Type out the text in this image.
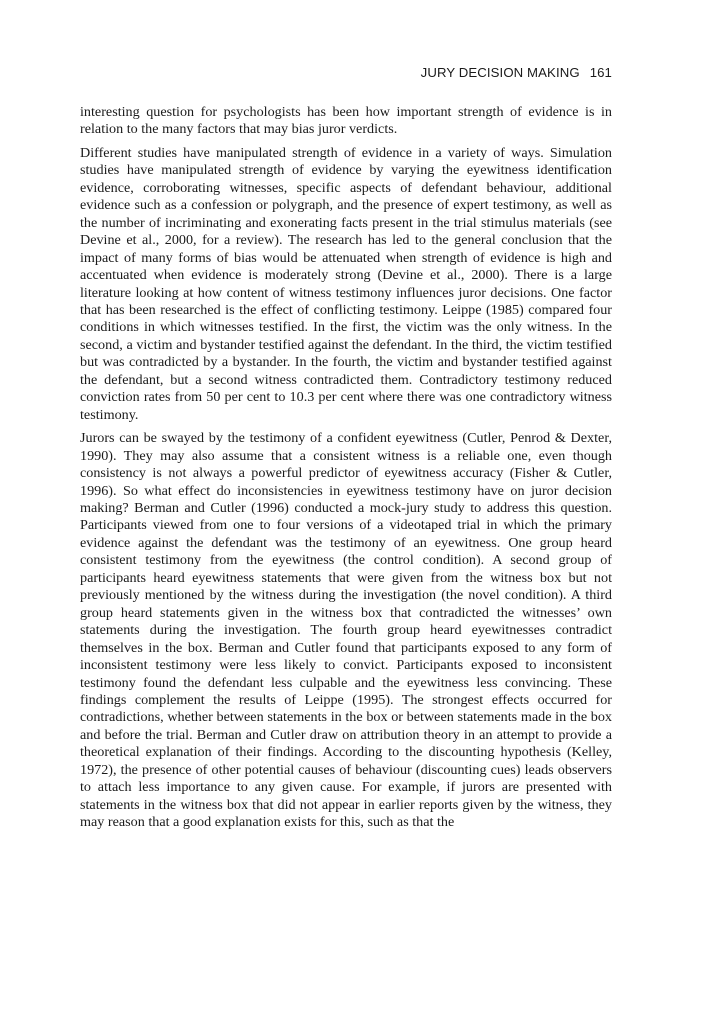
JURY DECISION MAKING 161

interesting question for psychologists has been how important strength of evidence is in relation to the many factors that may bias juror verdicts.

Different studies have manipulated strength of evidence in a variety of ways. Simulation studies have manipulated strength of evidence by varying the eyewitness identification evidence, corroborating witnesses, specific aspects of defendant behaviour, additional evidence such as a confession or polygraph, and the presence of expert testimony, as well as the number of incriminating and exonerating facts present in the trial stimulus materials (see Devine et al., 2000, for a review). The research has led to the general conclusion that the impact of many forms of bias would be attenuated when strength of evidence is high and accentuated when evidence is moderately strong (Devine et al., 2000). There is a large literature looking at how content of witness testimony influences juror decisions. One factor that has been researched is the effect of conflicting testimony. Leippe (1985) compared four conditions in which witnesses testified. In the first, the victim was the only witness. In the second, a victim and bystander testified against the defendant. In the third, the victim testified but was contradicted by a bystander. In the fourth, the victim and bystander testified against the defendant, but a second witness contradicted them. Contradictory testimony reduced conviction rates from 50 per cent to 10.3 per cent where there was one contradictory witness testimony.

Jurors can be swayed by the testimony of a confident eyewitness (Cutler, Penrod & Dexter, 1990). They may also assume that a consistent witness is a reliable one, even though consistency is not always a powerful predictor of eyewitness accuracy (Fisher & Cutler, 1996). So what effect do inconsistencies in eyewitness testimony have on juror decision making? Berman and Cutler (1996) conducted a mock-jury study to address this question. Participants viewed from one to four versions of a videotaped trial in which the primary evidence against the defendant was the testimony of an eyewitness. One group heard consistent testimony from the eyewitness (the control condition). A second group of participants heard eyewitness statements that were given from the witness box but not previously mentioned by the witness during the investigation (the novel condition). A third group heard statements given in the witness box that contradicted the witnesses’ own statements during the investigation. The fourth group heard eyewitnesses contradict themselves in the box. Berman and Cutler found that participants exposed to any form of inconsistent testimony were less likely to convict. Participants exposed to inconsistent testimony found the defendant less culpable and the eyewitness less convincing. These findings complement the results of Leippe (1995). The strongest effects occurred for contradictions, whether between statements in the box or between statements made in the box and before the trial. Berman and Cutler draw on attribution theory in an attempt to provide a theoretical explanation of their findings. According to the discounting hypothesis (Kelley, 1972), the presence of other potential causes of behaviour (discounting cues) leads observers to attach less importance to any given cause. For example, if jurors are presented with statements in the witness box that did not appear in earlier reports given by the witness, they may reason that a good explanation exists for this, such as that the
